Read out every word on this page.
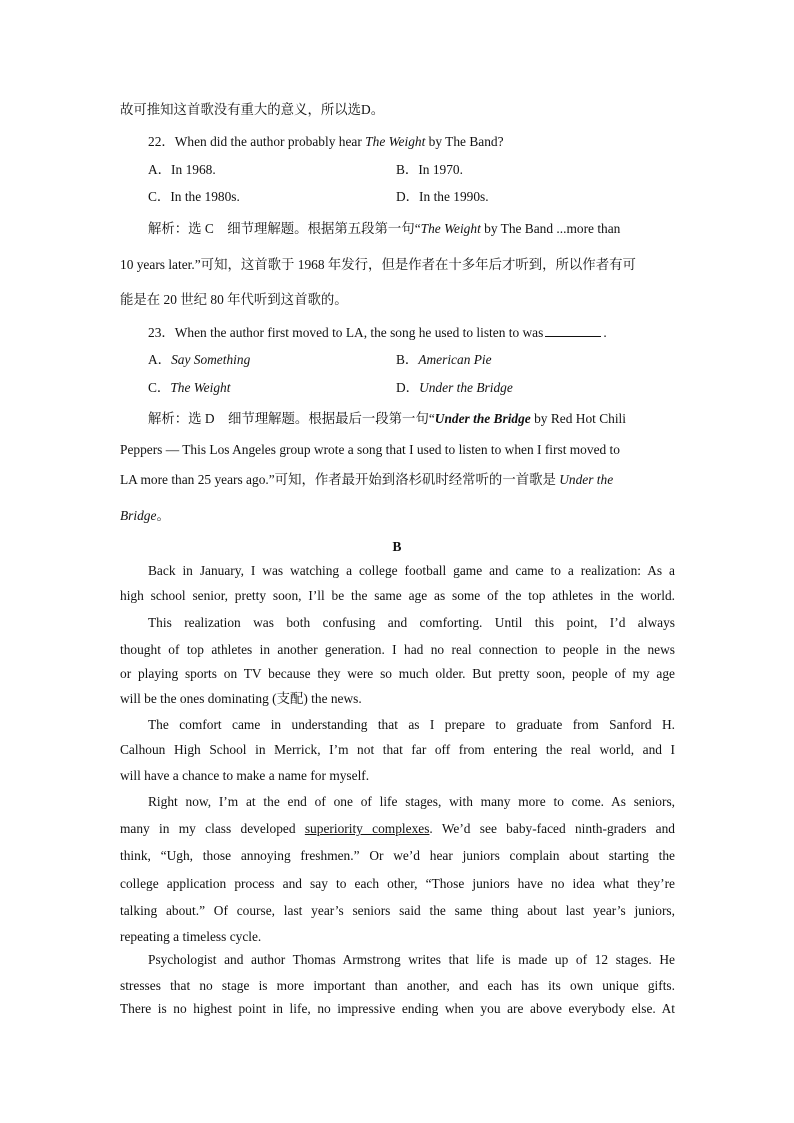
故可推知这首歌没有重大的意义，所以选D。
22．When did the author probably hear The Weight by The Band?
A．In 1968.	B．In 1970.
C．In the 1980s.	D．In the 1990s.
解析：选 C　细节理解题。根据第五段第一句“The Weight by The Band ...more than
10 years later.”可知，这首歌于 1968 年发行，但是作者在十多年后才听到，所以作者有可
能是在 20 世纪 80 年代听到这首歌的。
23．When the author first moved to LA, the song he used to listen to was	.
A．Say Something	B．American Pie
C．The Weight	D．Under the Bridge
解析：选 D　细节理解题。根据最后一段第一句“Under the Bridge by Red Hot Chili
Peppers — This Los Angeles group wrote a song that I used to listen to when I first moved to
LA more than 25 years ago.”可知，作者最开始到洛杉矶时经常听的一首歌是 Under the
Bridge。
B
Back in January, I was watching a college football game and came to a realization: As a
high school senior, pretty soon, I’ll be the same age as some of the top athletes in the world.
This realization was both confusing and comforting. Until this point, I’d always
thought of top athletes in another generation. I had no real connection to people in the news
or playing sports on TV because they were so much older. But pretty soon, people of my age
will be the ones dominating (支配) the news.
The comfort came in understanding that as I prepare to graduate from Sanford H.
Calhoun High School in Merrick, I’m not that far off from entering the real world, and I
will have a chance to make a name for myself.
Right now, I’m at the end of one of life stages, with many more to come. As seniors,
many in my class developed superiority complexes. We’d see baby-faced ninth-graders and
think, “Ugh, those annoying freshmen.” Or we’d hear juniors complain about starting the
college application process and say to each other, “Those juniors have no idea what they’re
talking about.” Of course, last year’s seniors said the same thing about last year’s juniors,
repeating a timeless cycle.
Psychologist and author Thomas Armstrong writes that life is made up of 12 stages. He
stresses that no stage is more important than another, and each has its own unique gifts.
There is no highest point in life, no impressive ending when you are above everybody else. At
